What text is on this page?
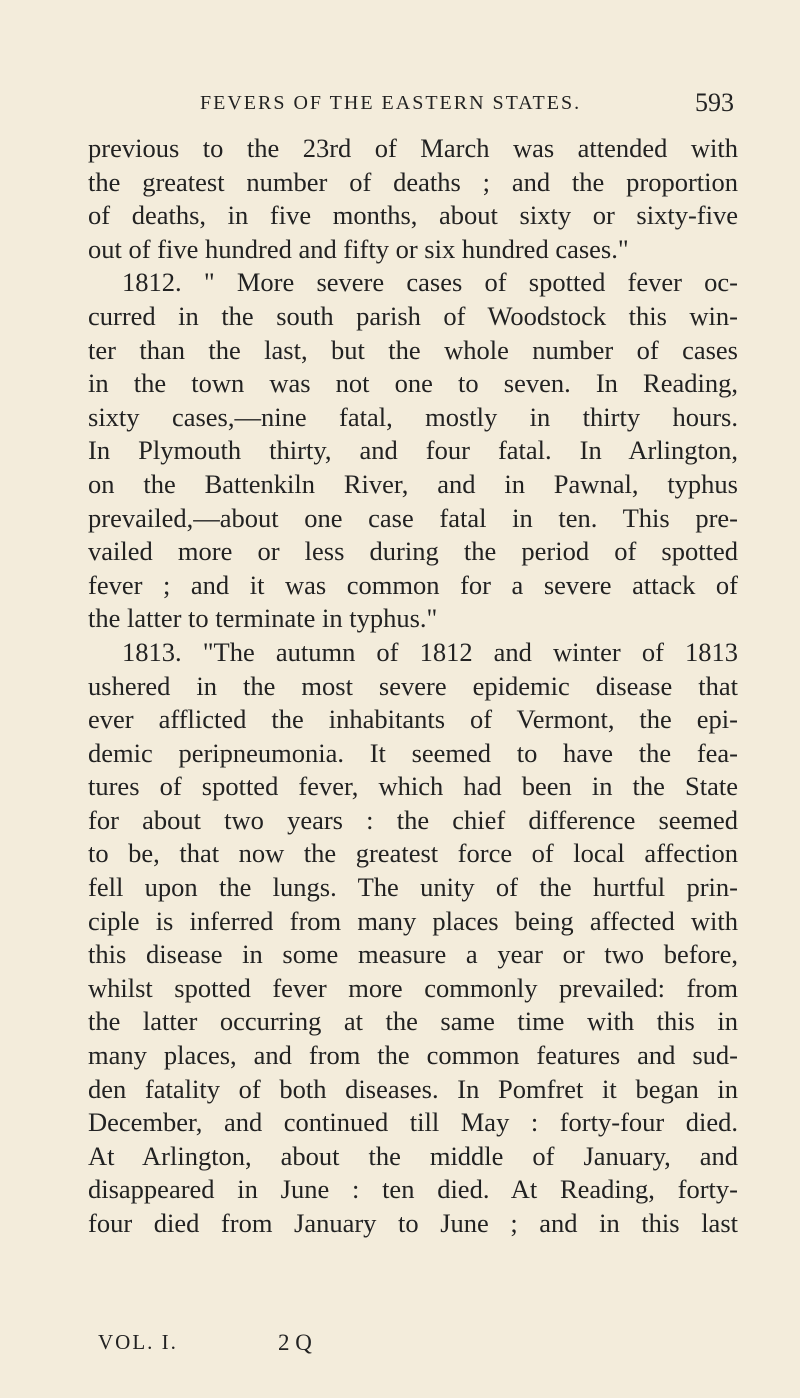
FEVERS OF THE EASTERN STATES.	593
previous to the 23rd of March was attended with
the greatest number of deaths ; and the proportion
of deaths, in five months, about sixty or sixty-five
out of five hundred and fifty or six hundred cases."
1812. " More severe cases of spotted fever oc-
curred in the south parish of Woodstock this win-
ter than the last, but the whole number of cases
in the town was not one to seven. In Reading,
sixty cases,—nine fatal, mostly in thirty hours.
In Plymouth thirty, and four fatal. In Arlington,
on the Battenkiln River, and in Pawnal, typhus
prevailed,—about one case fatal in ten. This pre-
vailed more or less during the period of spotted
fever ; and it was common for a severe attack of
the latter to terminate in typhus."
1813. "The autumn of 1812 and winter of 1813
ushered in the most severe epidemic disease that
ever afflicted the inhabitants of Vermont, the epi-
demic peripneumonia. It seemed to have the fea-
tures of spotted fever, which had been in the State
for about two years : the chief difference seemed
to be, that now the greatest force of local affection
fell upon the lungs. The unity of the hurtful prin-
ciple is inferred from many places being affected with
this disease in some measure a year or two before,
whilst spotted fever more commonly prevailed: from
the latter occurring at the same time with this in
many places, and from the common features and sud-
den fatality of both diseases. In Pomfret it began in
December, and continued till May : forty-four died.
At Arlington, about the middle of January, and
disappeared in June : ten died. At Reading, forty-
four died from January to June ; and in this last
VOL. I.	2 Q
